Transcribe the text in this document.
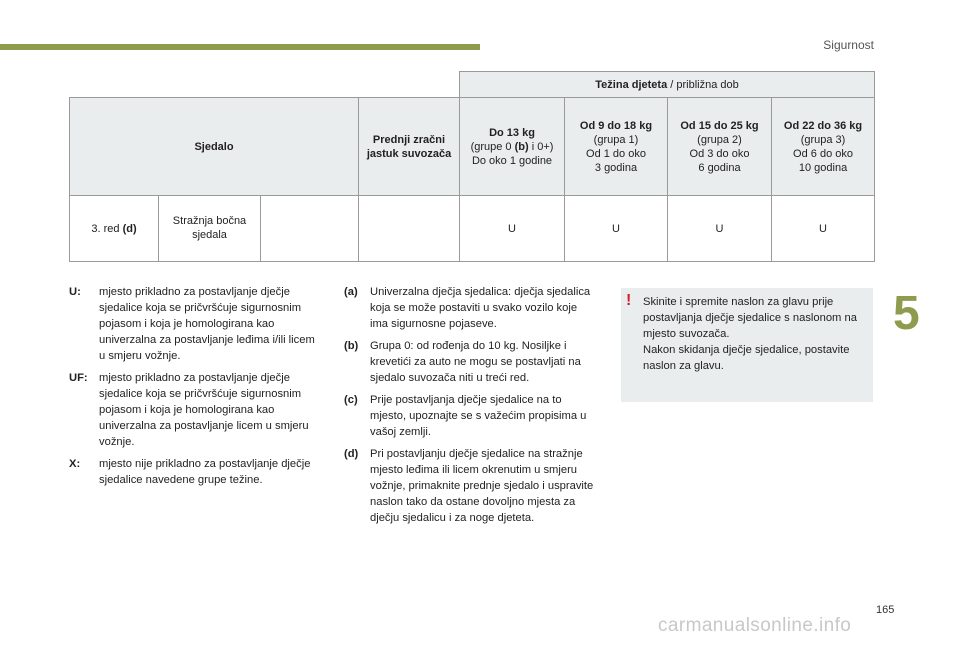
Sigurnost
5
				Težina djeteta / približna dob			
Sjedalo			Prednji zračni jastuk suvozača	Do 13 kg
(grupe 0 (b) i 0+)
Do oko 1 godine	Od 9 do 18 kg
(grupa 1)
Od 1 do oko
3 godina	Od 15 do 25 kg
(grupa 2)
Od 3 do oko
6 godina	Od 22 do 36 kg
(grupa 3)
Od 6 do oko
10 godina
3. red (d)	Stražnja bočna sjedala			U	U	U	U
U:	mjesto prikladno za postavljanje dječje sjedalice koja se pričvršćuje sigurnosnim pojasom i koja je homologirana kao univerzalna za postavljanje leđima i/ili licem u smjeru vožnje.
UF:	mjesto prikladno za postavljanje dječje sjedalice koja se pričvršćuje sigurnosnim pojasom i koja je homologirana kao univerzalna za postavljanje licem u smjeru vožnje.
X:	mjesto nije prikladno za postavljanje dječje sjedalice navedene grupe težine.
(a)	Univerzalna dječja sjedalica: dječja sjedalica koja se može postaviti u svako vozilo koje ima sigurnosne pojaseve.
(b)	Grupa 0: od rođenja do 10 kg. Nosiljke i krevetići za auto ne mogu se postavljati na sjedalo suvozača niti u treći red.
(c)	Prije postavljanja dječje sjedalice na to mjesto, upoznajte se s važećim propisima u vašoj zemlji.
(d)	Pri postavljanju dječje sjedalice na stražnje mjesto leđima ili licem okrenutim u smjeru vožnje, primaknite prednje sjedalo i uspravite naslon tako da ostane dovoljno mjesta za dječju sjedalicu i za noge djeteta.
! Skinite i spremite naslon za glavu prije postavljanja dječje sjedalice s naslonom na mjesto suvozača.
Nakon skidanja dječje sjedalice, postavite naslon za glavu.
165
carmanualsonline.info
